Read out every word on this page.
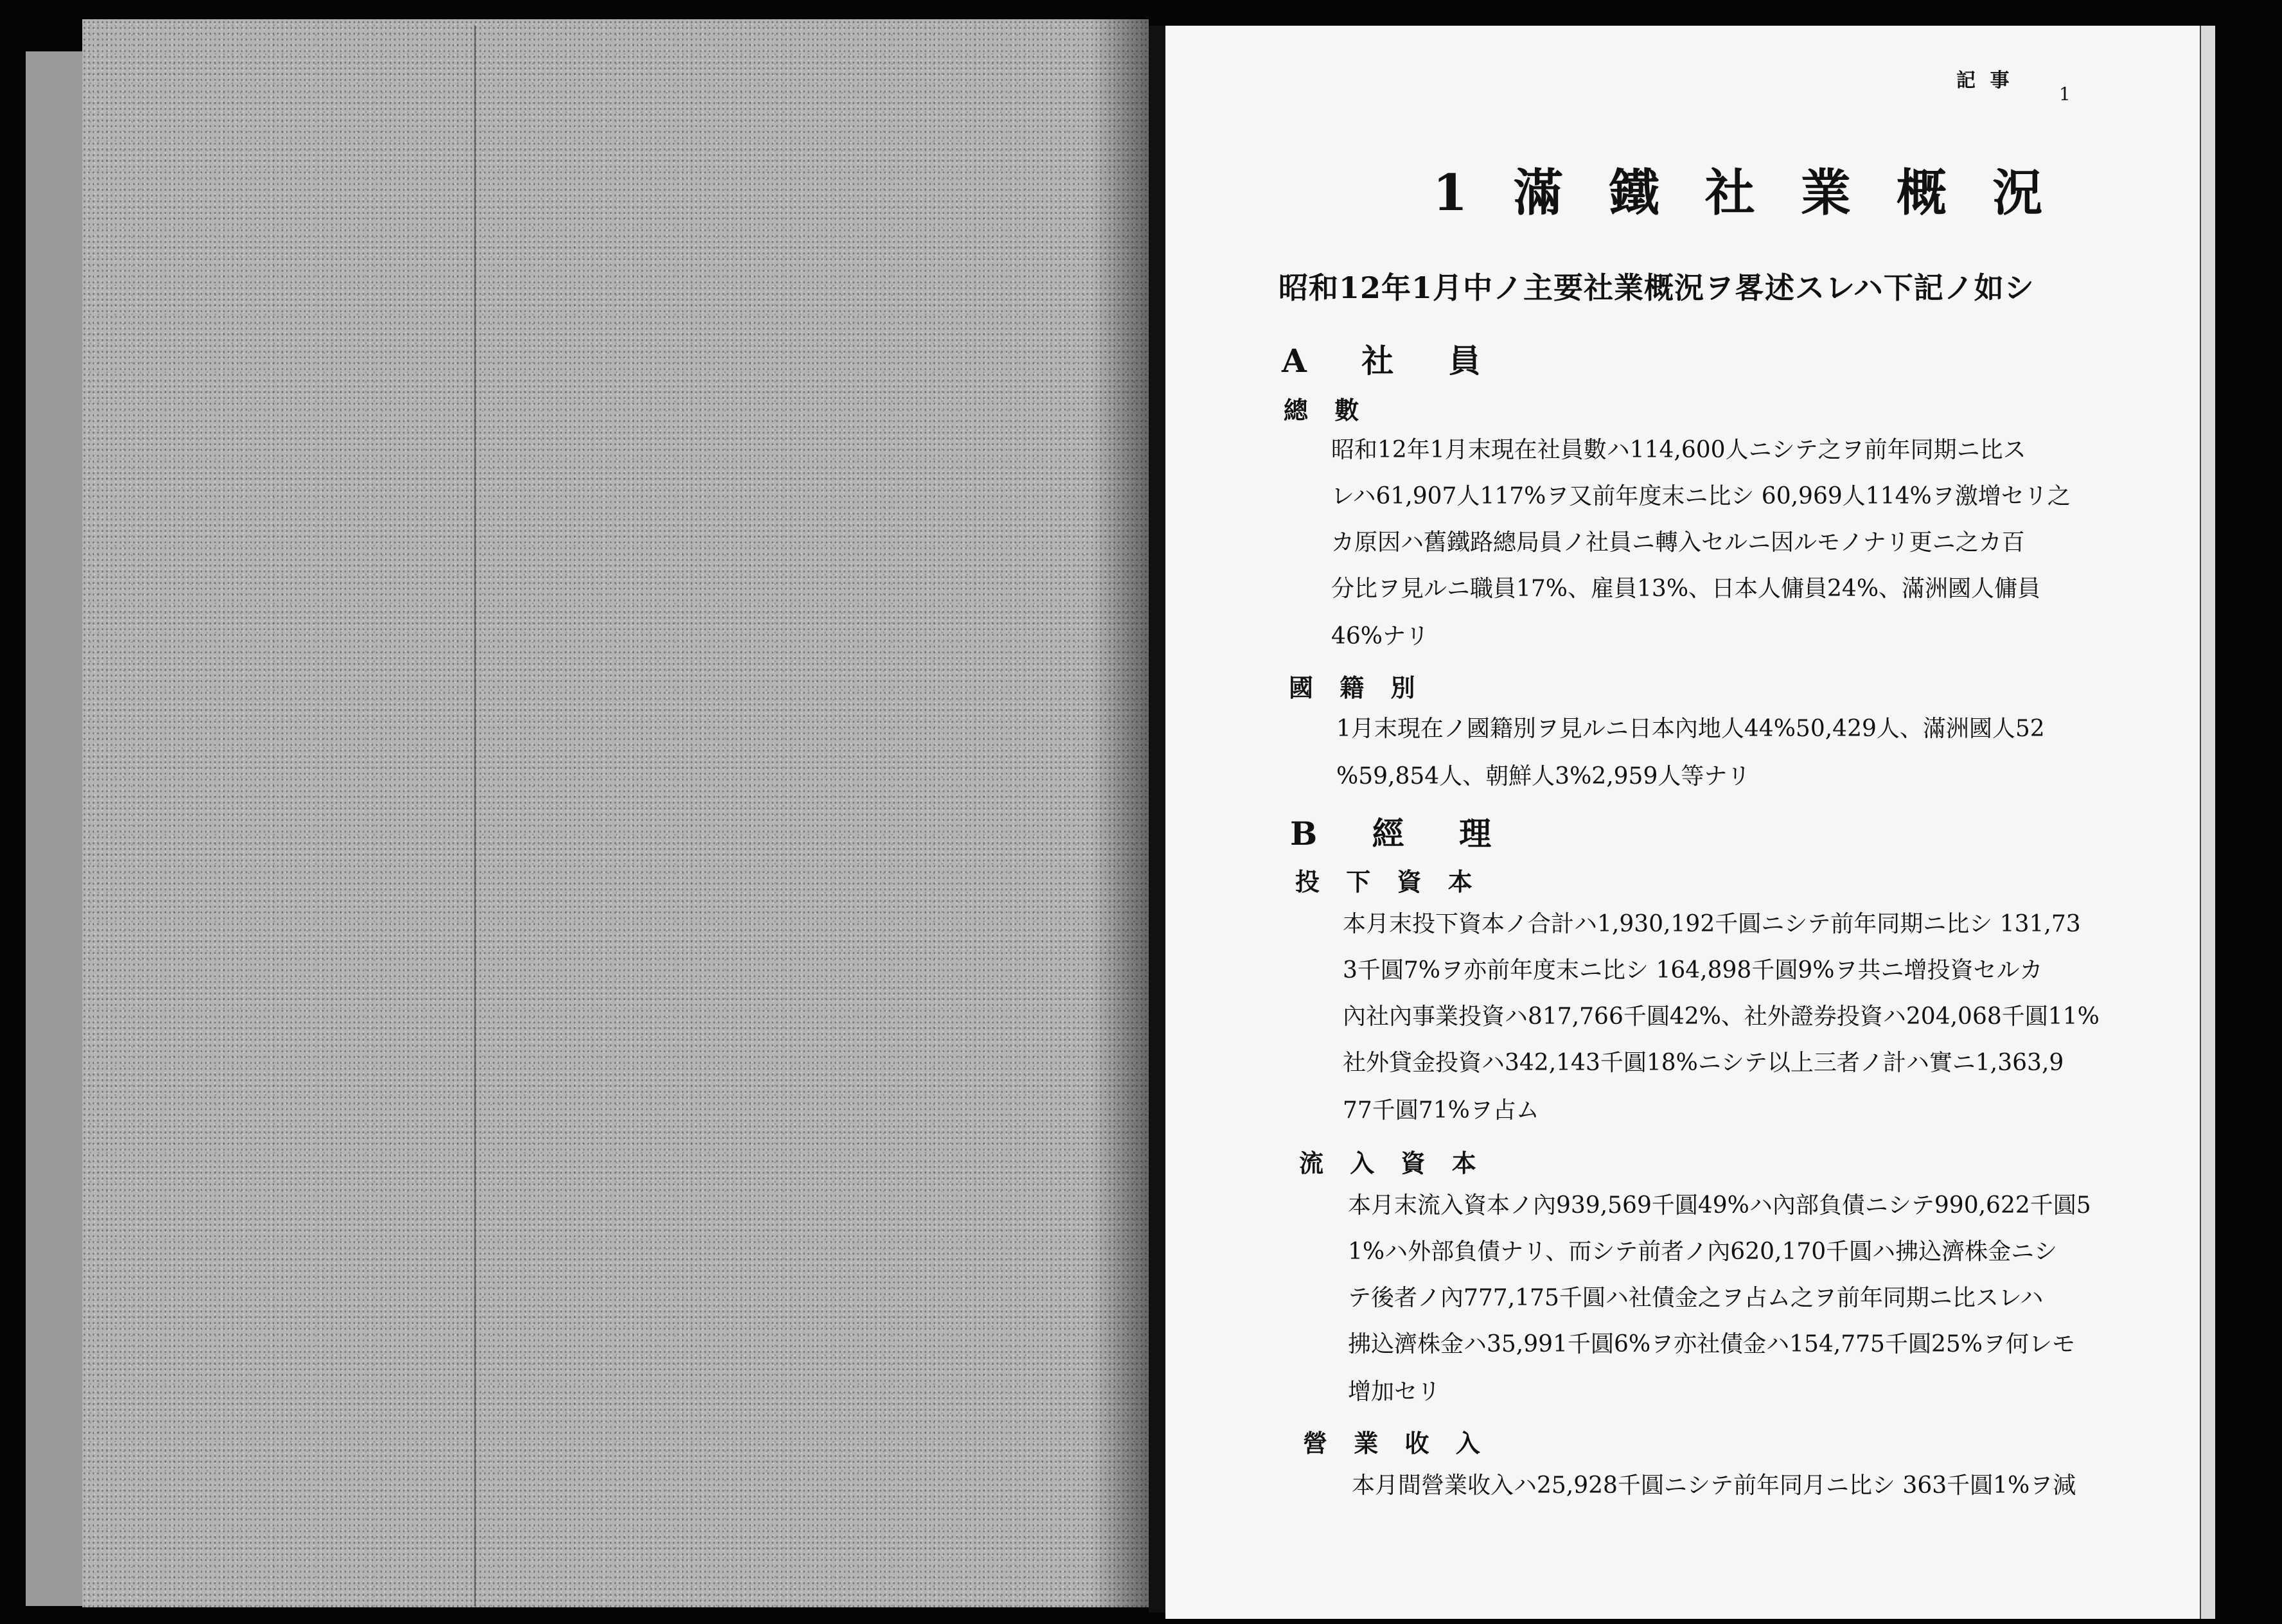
記 事
1
1 滿 鐵 社 業 概 況
昭和12年1月中ノ主要社業概況ヲ畧述スレハ下記ノ如シ
A 社 員
總 數
昭和12年1月末現在社員數ハ114,600人ニシテ之ヲ前年同期ニ比ス
レハ61,907人117%ヲ又前年度末ニ比シ 60,969人114%ヲ激增セリ之
カ原因ハ舊鐵路總局員ノ社員ニ轉入セルニ因ルモノナリ更ニ之カ百
分比ヲ見ルニ職員17%、雇員13%、日本人傭員24%、滿洲國人傭員
46%ナリ
國 籍 別
1月末現在ノ國籍別ヲ見ルニ日本內地人44%50,429人、滿洲國人52
%59,854人、朝鮮人3%2,959人等ナリ
B 經 理
投 下 資 本
本月末投下資本ノ合計ハ1,930,192千圓ニシテ前年同期ニ比シ 131,73
3千圓7%ヲ亦前年度末ニ比シ 164,898千圓9%ヲ共ニ增投資セルカ
內社內事業投資ハ817,766千圓42%、社外證券投資ハ204,068千圓11%
社外貸金投資ハ342,143千圓18%ニシテ以上三者ノ計ハ實ニ1,363,9
77千圓71%ヲ占ム
流 入 資 本
本月末流入資本ノ內939,569千圓49%ハ內部負債ニシテ990,622千圓5
1%ハ外部負債ナリ、而シテ前者ノ內620,170千圓ハ拂込濟株金ニシ
テ後者ノ內777,175千圓ハ社債金之ヲ占ム之ヲ前年同期ニ比スレハ
拂込濟株金ハ35,991千圓6%ヲ亦社債金ハ154,775千圓25%ヲ何レモ
增加セリ
營 業 收 入
本月間營業收入ハ25,928千圓ニシテ前年同月ニ比シ 363千圓1%ヲ減
